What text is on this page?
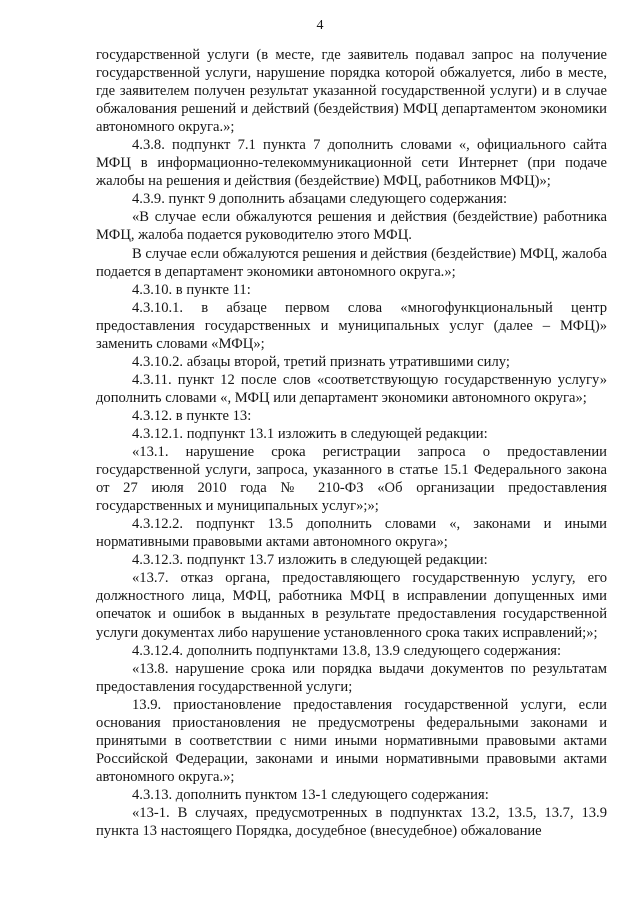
4

государственной услуги (в месте, где заявитель подавал запрос на получение государственной услуги, нарушение порядка которой обжалуется, либо в месте, где заявителем получен результат указанной государственной услуги) и в случае обжалования решений и действий (бездействия) МФЦ департаментом экономики автономного округа.»;

4.3.8. подпункт 7.1 пункта 7 дополнить словами «, официального сайта МФЦ в информационно-телекоммуникационной сети Интернет (при подаче жалобы на решения и действия (бездействие) МФЦ, работников МФЦ)»;

4.3.9. пункт 9 дополнить абзацами следующего содержания:

«В случае если обжалуются решения и действия (бездействие) работника МФЦ, жалоба подается руководителю этого МФЦ.

В случае если обжалуются решения и действия (бездействие) МФЦ, жалоба подается в департамент экономики автономного округа.»;

4.3.10. в пункте 11:

4.3.10.1. в абзаце первом слова «многофункциональный центр предоставления государственных и муниципальных услуг (далее – МФЦ)» заменить словами «МФЦ»;

4.3.10.2. абзацы второй, третий признать утратившими силу;

4.3.11. пункт 12 после слов «соответствующую государственную услугу» дополнить словами «, МФЦ или департамент экономики автономного округа»;

4.3.12. в пункте 13:

4.3.12.1. подпункт 13.1 изложить в следующей редакции:

«13.1. нарушение срока регистрации запроса о предоставлении государственной услуги, запроса, указанного в статье 15.1 Федерального закона от 27 июля 2010 года № 210-ФЗ «Об организации предоставления государственных и муниципальных услуг»;»;

4.3.12.2. подпункт 13.5 дополнить словами «, законами и иными нормативными правовыми актами автономного округа»;

4.3.12.3. подпункт 13.7 изложить в следующей редакции:

«13.7. отказ органа, предоставляющего государственную услугу, его должностного лица, МФЦ, работника МФЦ в исправлении допущенных ими опечаток и ошибок в выданных в результате предоставления государственной услуги документах либо нарушение установленного срока таких исправлений;»;

4.3.12.4. дополнить подпунктами 13.8, 13.9 следующего содержания:

«13.8. нарушение срока или порядка выдачи документов по результатам предоставления государственной услуги;

13.9. приостановление предоставления государственной услуги, если основания приостановления не предусмотрены федеральными законами и принятыми в соответствии с ними иными нормативными правовыми актами Российской Федерации, законами и иными нормативными правовыми актами автономного округа.»;

4.3.13. дополнить пунктом 13-1 следующего содержания:

«13-1. В случаях, предусмотренных в подпунктах 13.2, 13.5, 13.7, 13.9 пункта 13 настоящего Порядка, досудебное (внесудебное) обжалование
